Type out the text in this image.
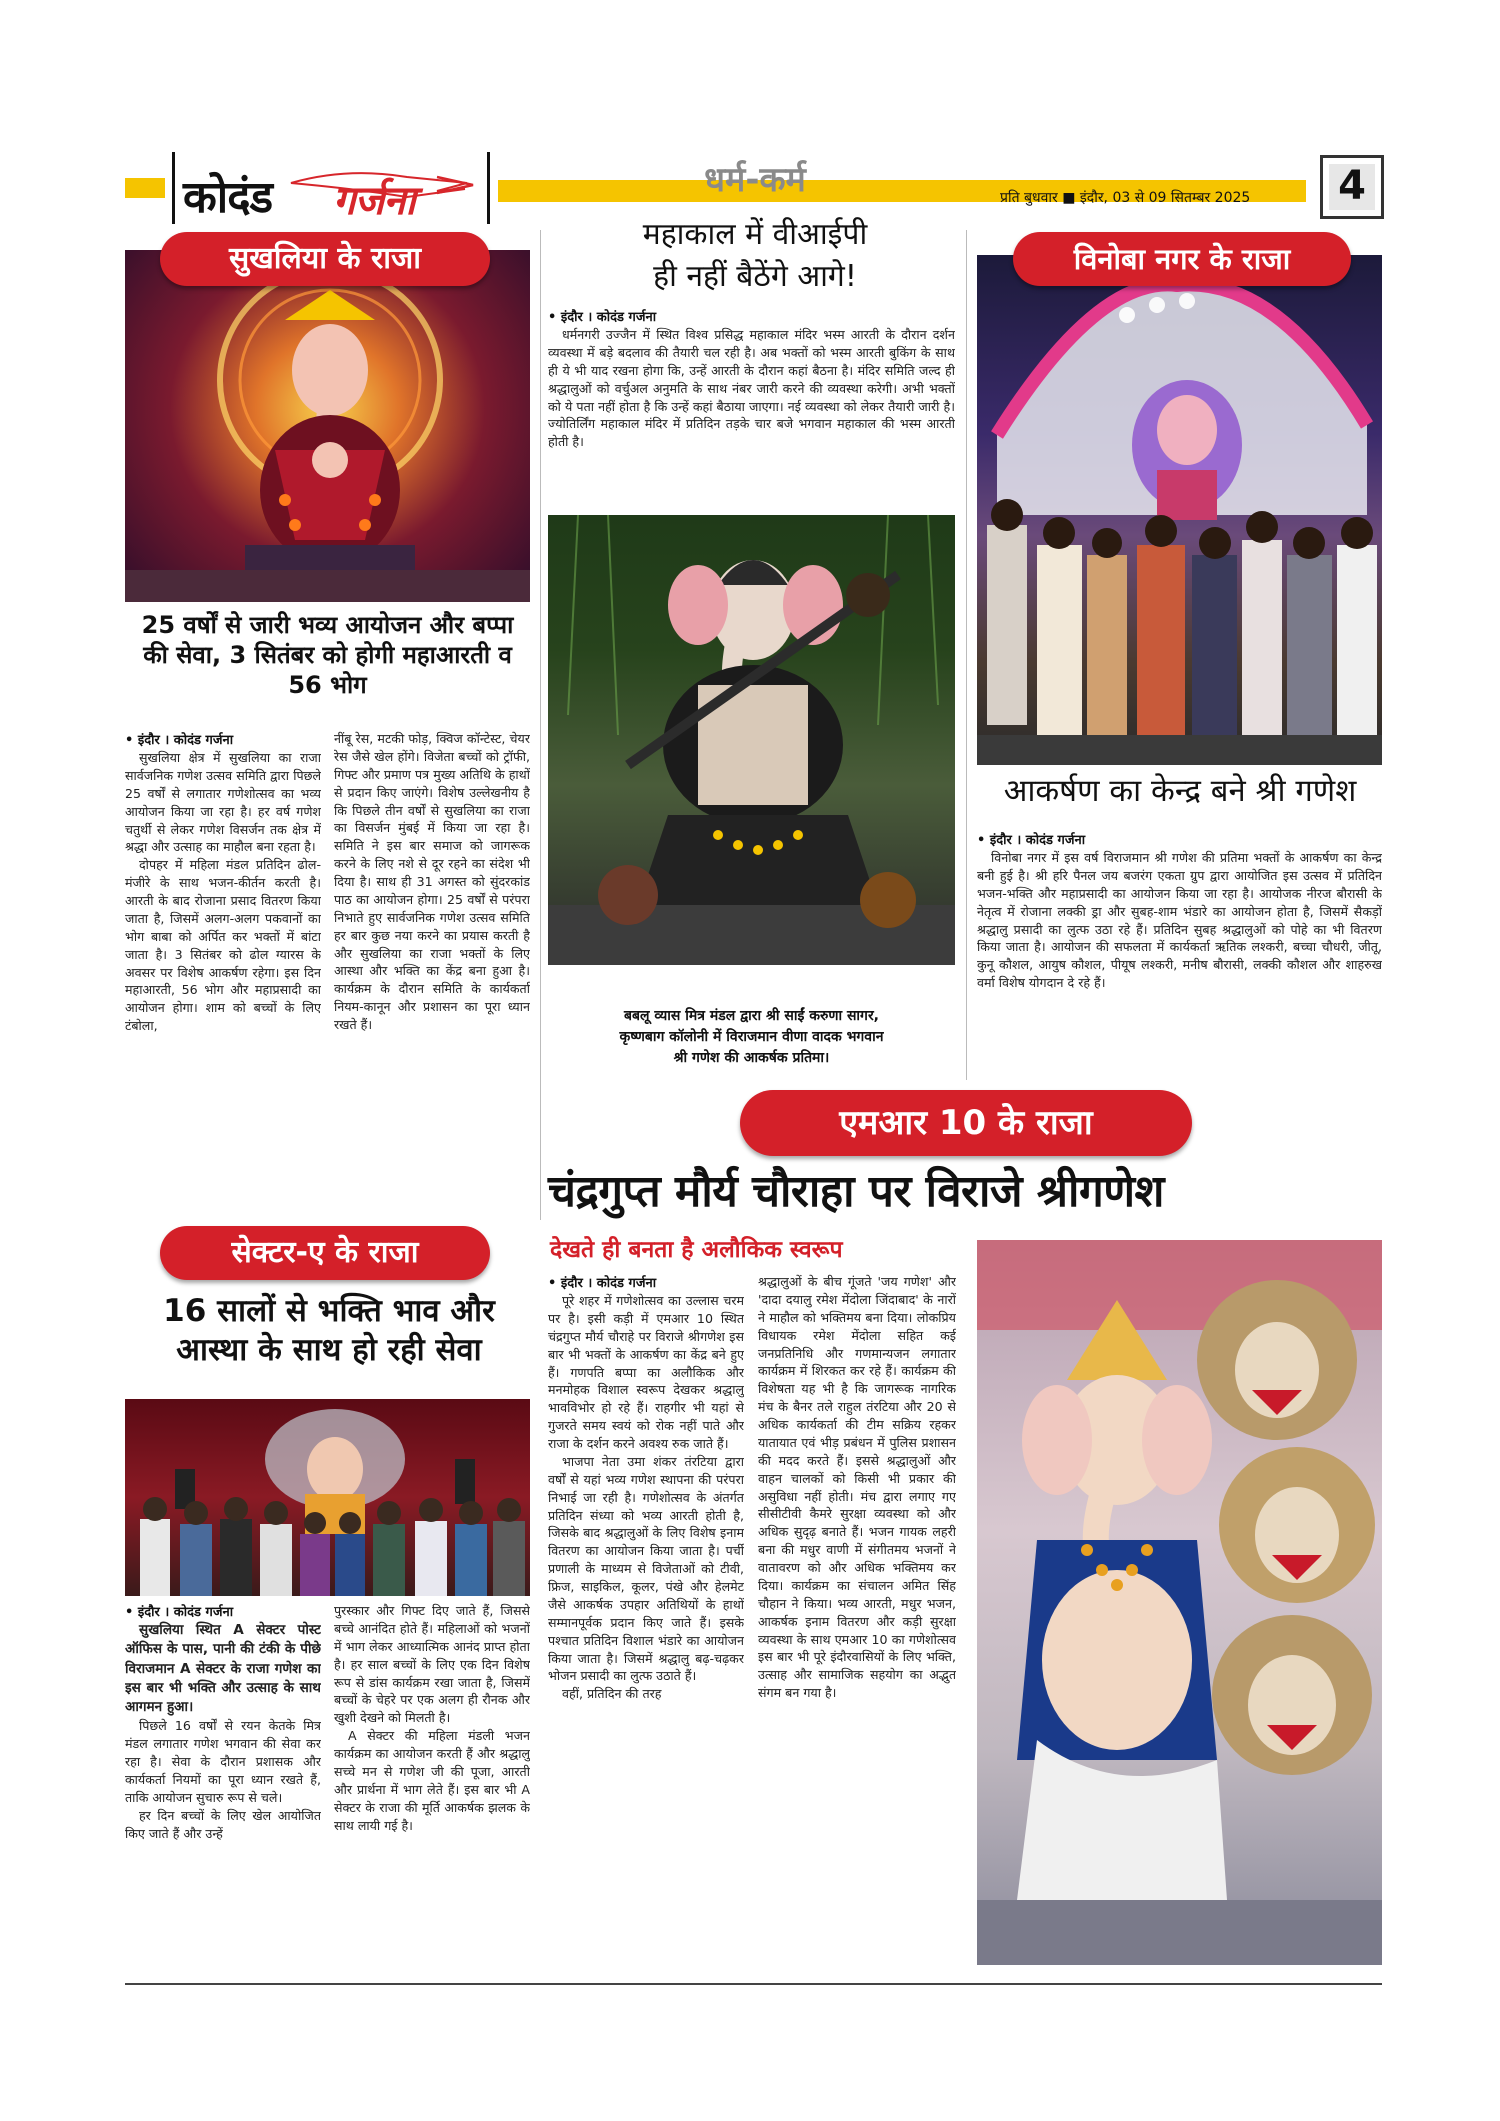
कोदंड गर्जना	धर्म-कर्म	प्रति बुधवार ■ इंदौर, 03 से 09 सितम्बर 2025	4
सुखलिया के राजा
25 वर्षों से जारी भव्य आयोजन और बप्पा की सेवा, 3 सितंबर को होगी महाआरती व 56 भोग
• इंदौर । कोदंड गर्जना

सुखलिया क्षेत्र में सुखलिया का राजा सार्वजनिक गणेश उत्सव समिति द्वारा पिछले 25 वर्षों से लगातार गणेशोत्सव का भव्य आयोजन किया जा रहा है। हर वर्ष गणेश चतुर्थी से लेकर गणेश विसर्जन तक क्षेत्र में श्रद्धा और उत्साह का माहौल बना रहता है।

दोपहर में महिला मंडल प्रतिदिन ढोल-मंजीरे के साथ भजन-कीर्तन करती है। आरती के बाद रोजाना प्रसाद वितरण किया जाता है, जिसमें अलग-अलग पकवानों का भोग बाबा को अर्पित कर भक्तों में बांटा जाता है। 3 सितंबर को ढोल ग्यारस के अवसर पर विशेष आकर्षण रहेगा। इस दिन महाआरती, 56 भोग और महाप्रसादी का आयोजन होगा। शाम को बच्चों के लिए टंबोला,

नींबू रेस, मटकी फोड़, क्विज कॉन्टेस्ट, चेयर रेस जैसे खेल होंगे। विजेता बच्चों को ट्रॉफी, गिफ्ट और प्रमाण पत्र मुख्य अतिथि के हाथों से प्रदान किए जाएंगे। विशेष उल्लेखनीय है कि पिछले तीन वर्षों से सुखलिया का राजा का विसर्जन मुंबई में किया जा रहा है। समिति ने इस बार समाज को जागरूक करने के लिए नशे से दूर रहने का संदेश भी दिया है। साथ ही 31 अगस्त को सुंदरकांड पाठ का आयोजन होगा। 25 वर्षों से परंपरा निभाते हुए सार्वजनिक गणेश उत्सव समिति हर बार कुछ नया करने का प्रयास करती है और सुखलिया का राजा भक्तों के लिए आस्था और भक्ति का केंद्र बना हुआ है। कार्यक्रम के दौरान समिति के कार्यकर्ता नियम-कानून और प्रशासन का पूरा ध्यान रखते हैं।

महाकाल में वीआईपी
ही नहीं बैठेंगे आगे!
• इंदौर । कोदंड गर्जना

धर्मनगरी उज्जैन में स्थित विश्व प्रसिद्ध महाकाल मंदिर भस्म आरती के दौरान दर्शन व्यवस्था में बड़े बदलाव की तैयारी चल रही है। अब भक्तों को भस्म आरती बुकिंग के साथ ही ये भी याद रखना होगा कि, उन्हें आरती के दौरान कहां बैठना है। मंदिर समिति जल्द ही श्रद्धालुओं को वर्चुअल अनुमति के साथ नंबर जारी करने की व्यवस्था करेगी। अभी भक्तों को ये पता नहीं होता है कि उन्हें कहां बैठाया जाएगा। नई व्यवस्था को लेकर तैयारी जारी है। ज्योतिर्लिंग महाकाल मंदिर में प्रतिदिन तड़के चार बजे भगवान महाकाल की भस्म आरती होती है।

बबलू व्यास मित्र मंडल द्वारा श्री साईं करुणा सागर,
कृष्णबाग कॉलोनी में विराजमान वीणा वादक भगवान
श्री गणेश की आकर्षक प्रतिमा।
विनोबा नगर के राजा
आकर्षण का केन्द्र बने श्री गणेश
• इंदौर । कोदंड गर्जना

विनोबा नगर में इस वर्ष विराजमान श्री गणेश की प्रतिमा भक्तों के आकर्षण का केन्द्र बनी हुई है। श्री हरि पैनल जय बजरंग एकता ग्रुप द्वारा आयोजित इस उत्सव में प्रतिदिन भजन-भक्ति और महाप्रसादी का आयोजन किया जा रहा है। आयोजक नीरज बौरासी के नेतृत्व में रोजाना लक्की ड्रा और सुबह-शाम भंडारे का आयोजन होता है, जिसमें सैकड़ों श्रद्धालु प्रसादी का लुत्फ उठा रहे हैं। प्रतिदिन सुबह श्रद्धालुओं को पोहे का भी वितरण किया जाता है। आयोजन की सफलता में कार्यकर्ता ऋतिक लश्करी, बच्चा चौधरी, जीतू, कुनू कौशल, आयुष कौशल, पीयूष लश्करी, मनीष बौरासी, लक्की कौशल और शाहरुख वर्मा विशेष योगदान दे रहे हैं।

एमआर 10 के राजा
चंद्रगुप्त मौर्य चौराहा पर विराजे श्रीगणेश
देखते ही बनता है अलौकिक स्वरूप
• इंदौर । कोदंड गर्जना

पूरे शहर में गणेशोत्सव का उल्लास चरम पर है। इसी कड़ी में एमआर 10 स्थित चंद्रगुप्त मौर्य चौराहे पर विराजे श्रीगणेश इस बार भी भक्तों के आकर्षण का केंद्र बने हुए हैं। गणपति बप्पा का अलौकिक और मनमोहक विशाल स्वरूप देखकर श्रद्धालु भावविभोर हो रहे हैं। राहगीर भी यहां से गुजरते समय स्वयं को रोक नहीं पाते और राजा के दर्शन करने अवश्य रुक जाते हैं।

भाजपा नेता उमा शंकर तंरटिया द्वारा वर्षों से यहां भव्य गणेश स्थापना की परंपरा निभाई जा रही है। गणेशोत्सव के अंतर्गत प्रतिदिन संध्या को भव्य आरती होती है, जिसके बाद श्रद्धालुओं के लिए विशेष इनाम वितरण का आयोजन किया जाता है। पर्ची प्रणाली के माध्यम से विजेताओं को टीवी, फ्रिज, साइकिल, कूलर, पंखे और हेलमेट जैसे आकर्षक उपहार अतिथियों के हाथों सम्मानपूर्वक प्रदान किए जाते हैं। इसके पश्चात प्रतिदिन विशाल भंडारे का आयोजन किया जाता है। जिसमें श्रद्धालु बढ़-चढ़कर भोजन प्रसादी का लुत्फ उठाते हैं।

वहीं, प्रतिदिन की तरह

श्रद्धालुओं के बीच गूंजते 'जय गणेश' और 'दादा दयालु रमेश मेंदोला जिंदाबाद' के नारों ने माहौल को भक्तिमय बना दिया। लोकप्रिय विधायक रमेश मेंदोला सहित कई जनप्रतिनिधि और गणमान्यजन लगातार कार्यक्रम में शिरकत कर रहे हैं। कार्यक्रम की विशेषता यह भी है कि जागरूक नागरिक मंच के बैनर तले राहुल तंरटिया और 20 से अधिक कार्यकर्ता की टीम सक्रिय रहकर यातायात एवं भीड़ प्रबंधन में पुलिस प्रशासन की मदद करते हैं। इससे श्रद्धालुओं और वाहन चालकों को किसी भी प्रकार की असुविधा नहीं होती। मंच द्वारा लगाए गए सीसीटीवी कैमरे सुरक्षा व्यवस्था को और अधिक सुदृढ़ बनाते हैं। भजन गायक लहरी बना की मधुर वाणी में संगीतमय भजनों ने वातावरण को और अधिक भक्तिमय कर दिया। कार्यक्रम का संचालन अमित सिंह चौहान ने किया। भव्य आरती, मधुर भजन, आकर्षक इनाम वितरण और कड़ी सुरक्षा व्यवस्था के साथ एमआर 10 का गणेशोत्सव इस बार भी पूरे इंदौरवासियों के लिए भक्ति, उत्साह और सामाजिक सहयोग का अद्भुत संगम बन गया है।

सेक्टर-ए के राजा
16 सालों से भक्ति भाव और आस्था के साथ हो रही सेवा
• इंदौर । कोदंड गर्जना

सुखलिया स्थित A सेक्टर पोस्ट ऑफिस के पास, पानी की टंकी के पीछे विराजमान A सेक्टर के राजा गणेश का इस बार भी भक्ति और उत्साह के साथ आगमन हुआ।

पिछले 16 वर्षों से रयन केतके मित्र मंडल लगातार गणेश भगवान की सेवा कर रहा है। सेवा के दौरान प्रशासक और कार्यकर्ता नियमों का पूरा ध्यान रखते हैं, ताकि आयोजन सुचारु रूप से चले।

हर दिन बच्चों के लिए खेल आयोजित किए जाते हैं और उन्हें

पुरस्कार और गिफ्ट दिए जाते हैं, जिससे बच्चे आनंदित होते हैं। महिलाओं को भजनों में भाग लेकर आध्यात्मिक आनंद प्राप्त होता है। हर साल बच्चों के लिए एक दिन विशेष रूप से डांस कार्यक्रम रखा जाता है, जिसमें बच्चों के चेहरे पर एक अलग ही रौनक और खुशी देखने को मिलती है।

A सेक्टर की महिला मंडली भजन कार्यक्रम का आयोजन करती हैं और श्रद्धालु सच्चे मन से गणेश जी की पूजा, आरती और प्रार्थना में भाग लेते हैं। इस बार भी A सेक्टर के राजा की मूर्ति आकर्षक झलक के साथ लायी गई है।
